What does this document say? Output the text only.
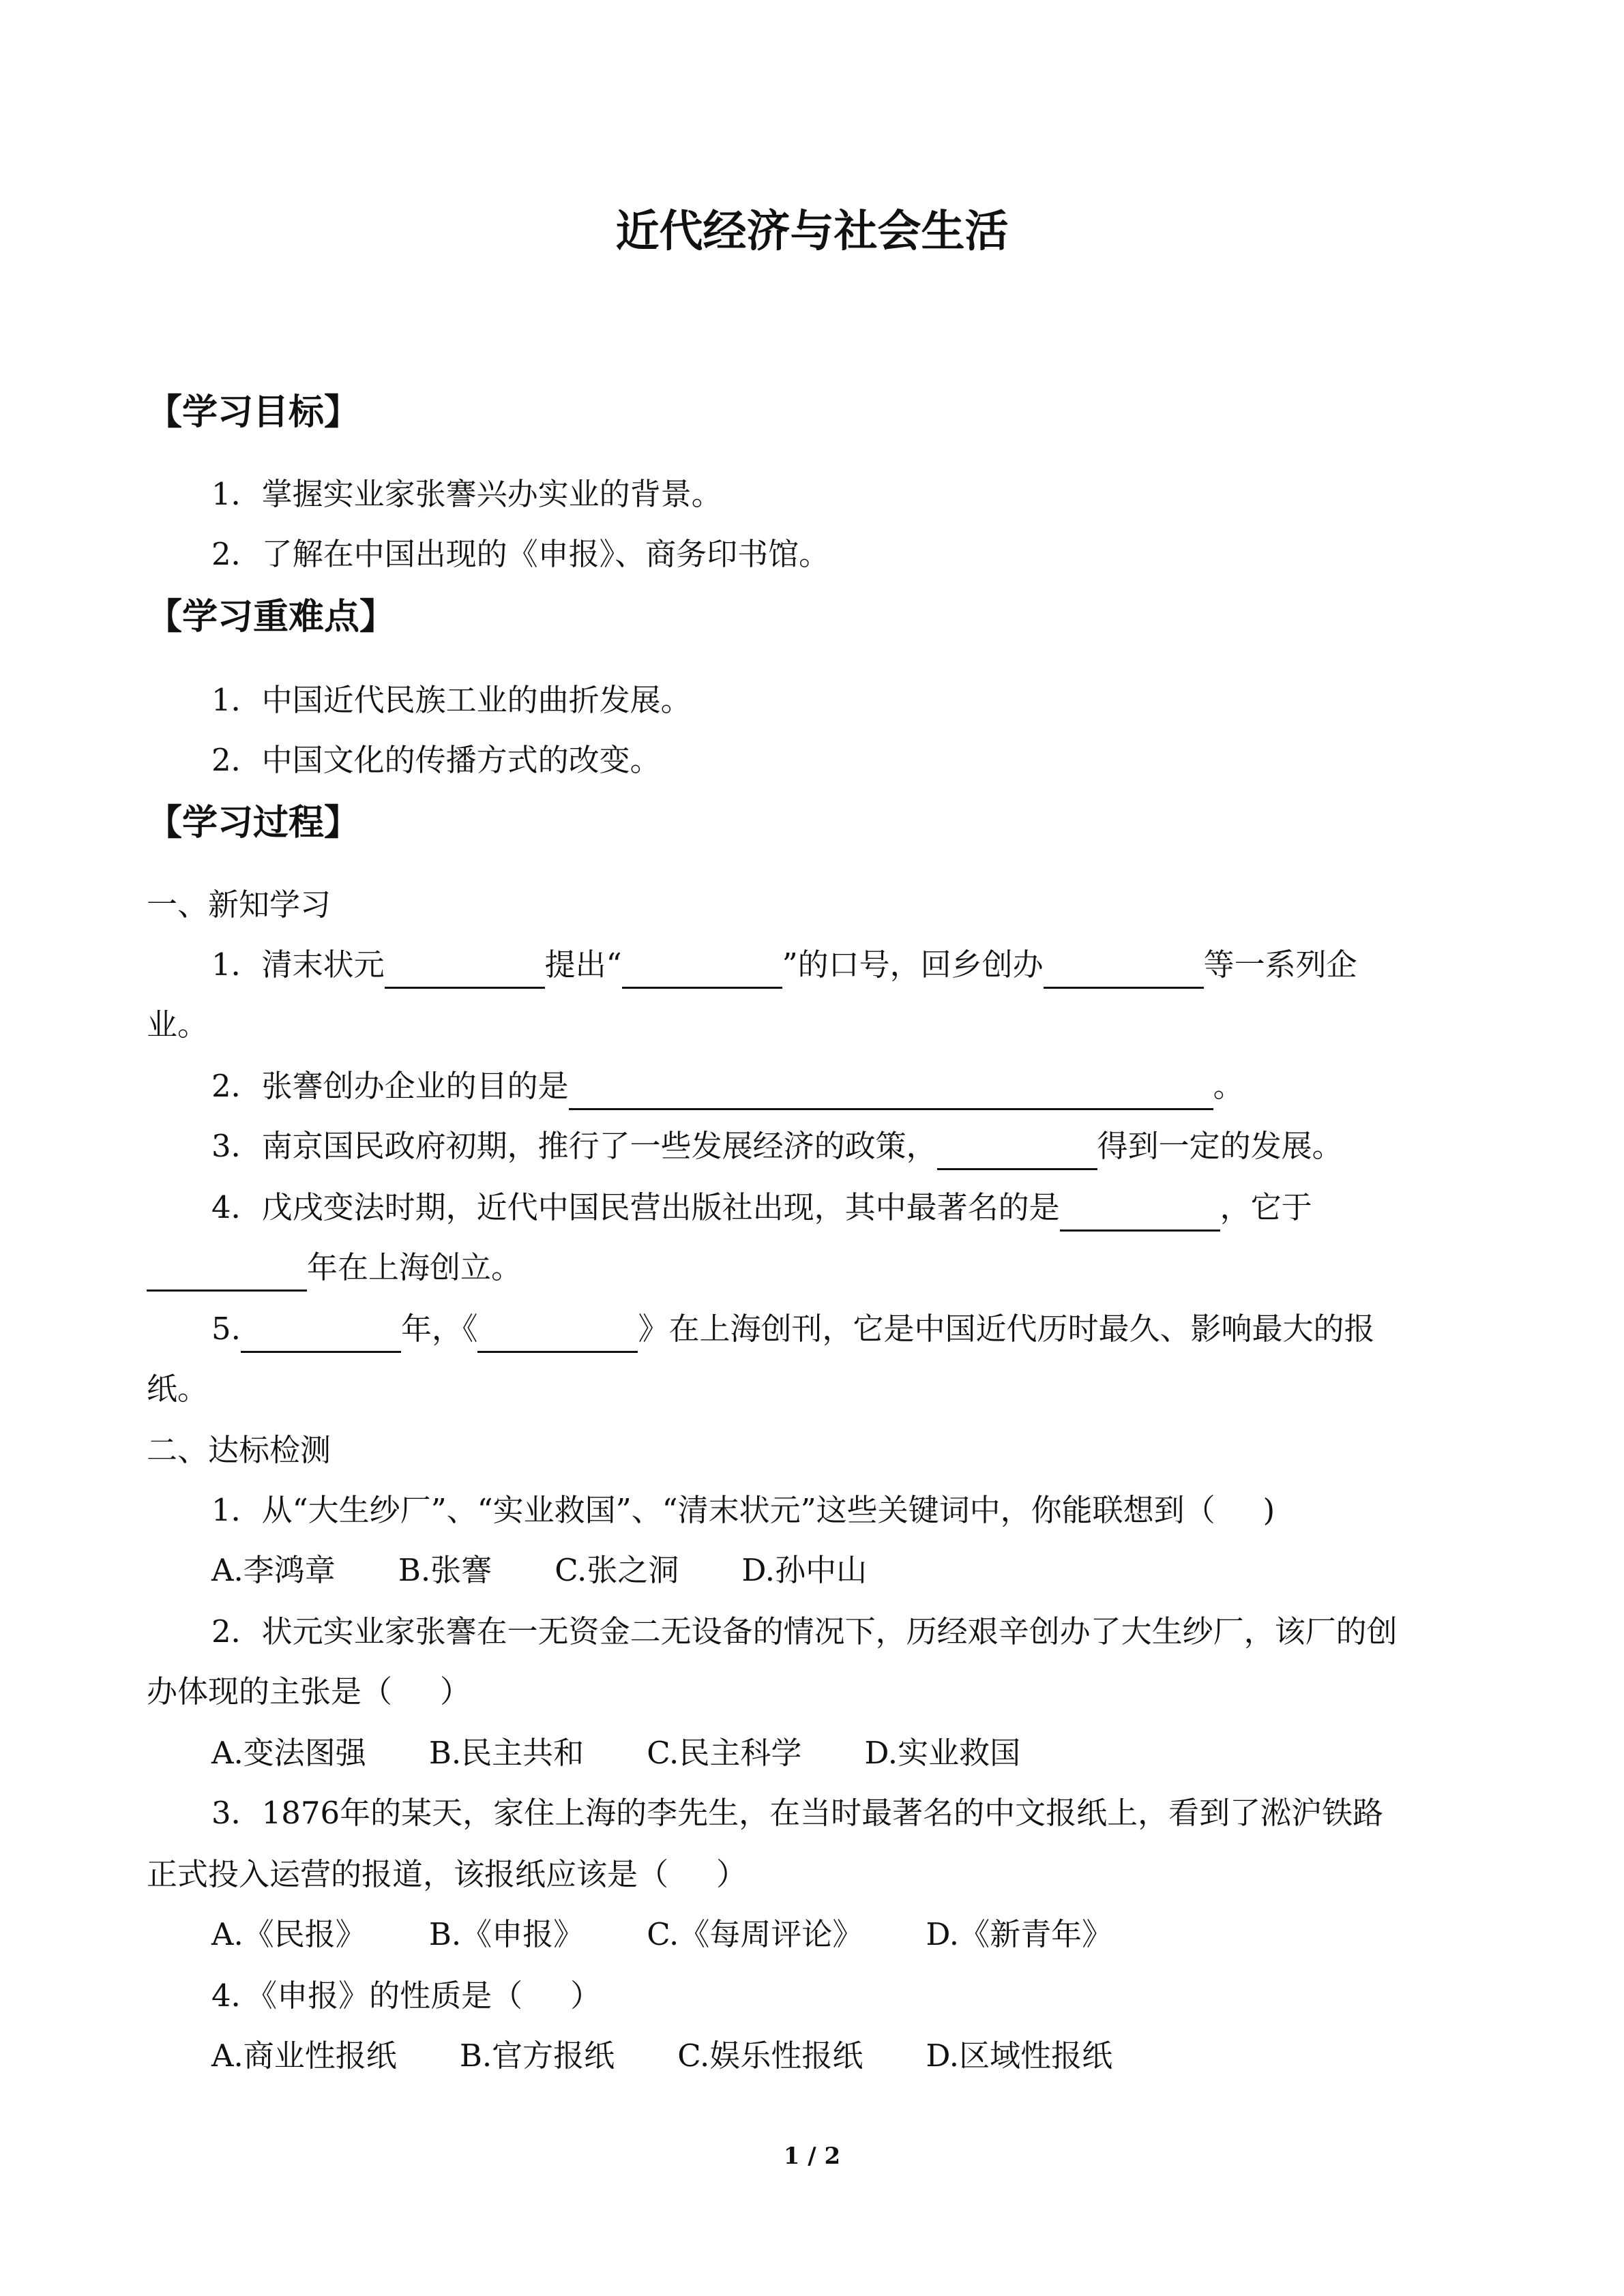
近代经济与社会生活
【学习目标】
1．掌握实业家张謇兴办实业的背景。
2．了解在中国出现的《申报》、商务印书馆。
【学习重难点】
1．中国近代民族工业的曲折发展。
2．中国文化的传播方式的改变。
【学习过程】
一、新知学习
1．清末状元	提出“	”的口号，回乡创办	等一系列企
业。
2．张謇创办企业的目的是	。
3．南京国民政府初期，推行了一些发展经济的政策，	得到一定的发展。
4．戊戌变法时期，近代中国民营出版社出现，其中最著名的是	，它于
年在上海创立。
5.	年，《	》在上海创刊，它是中国近代历时最久、影响最大的报
纸。
二、达标检测
1．从“大生纱厂”、“实业救国”、“清末状元”这些关键词中，你能联想到（ )
A.李鸿章 B.张謇 C.张之洞 D.孙中山
2．状元实业家张謇在一无资金二无设备的情况下，历经艰辛创办了大生纱厂，该厂的创
办体现的主张是（ ）
A.变法图强 B.民主共和 C.民主科学 D.实业救国
3．1876年的某天，家住上海的李先生，在当时最著名的中文报纸上，看到了淞沪铁路
正式投入运营的报道，该报纸应该是（ ）
A.《民报》 B.《申报》 C.《每周评论》 D.《新青年》
4．《申报》的性质是（ ）
A.商业性报纸 B.官方报纸 C.娱乐性报纸 D.区域性报纸
1 / 2
